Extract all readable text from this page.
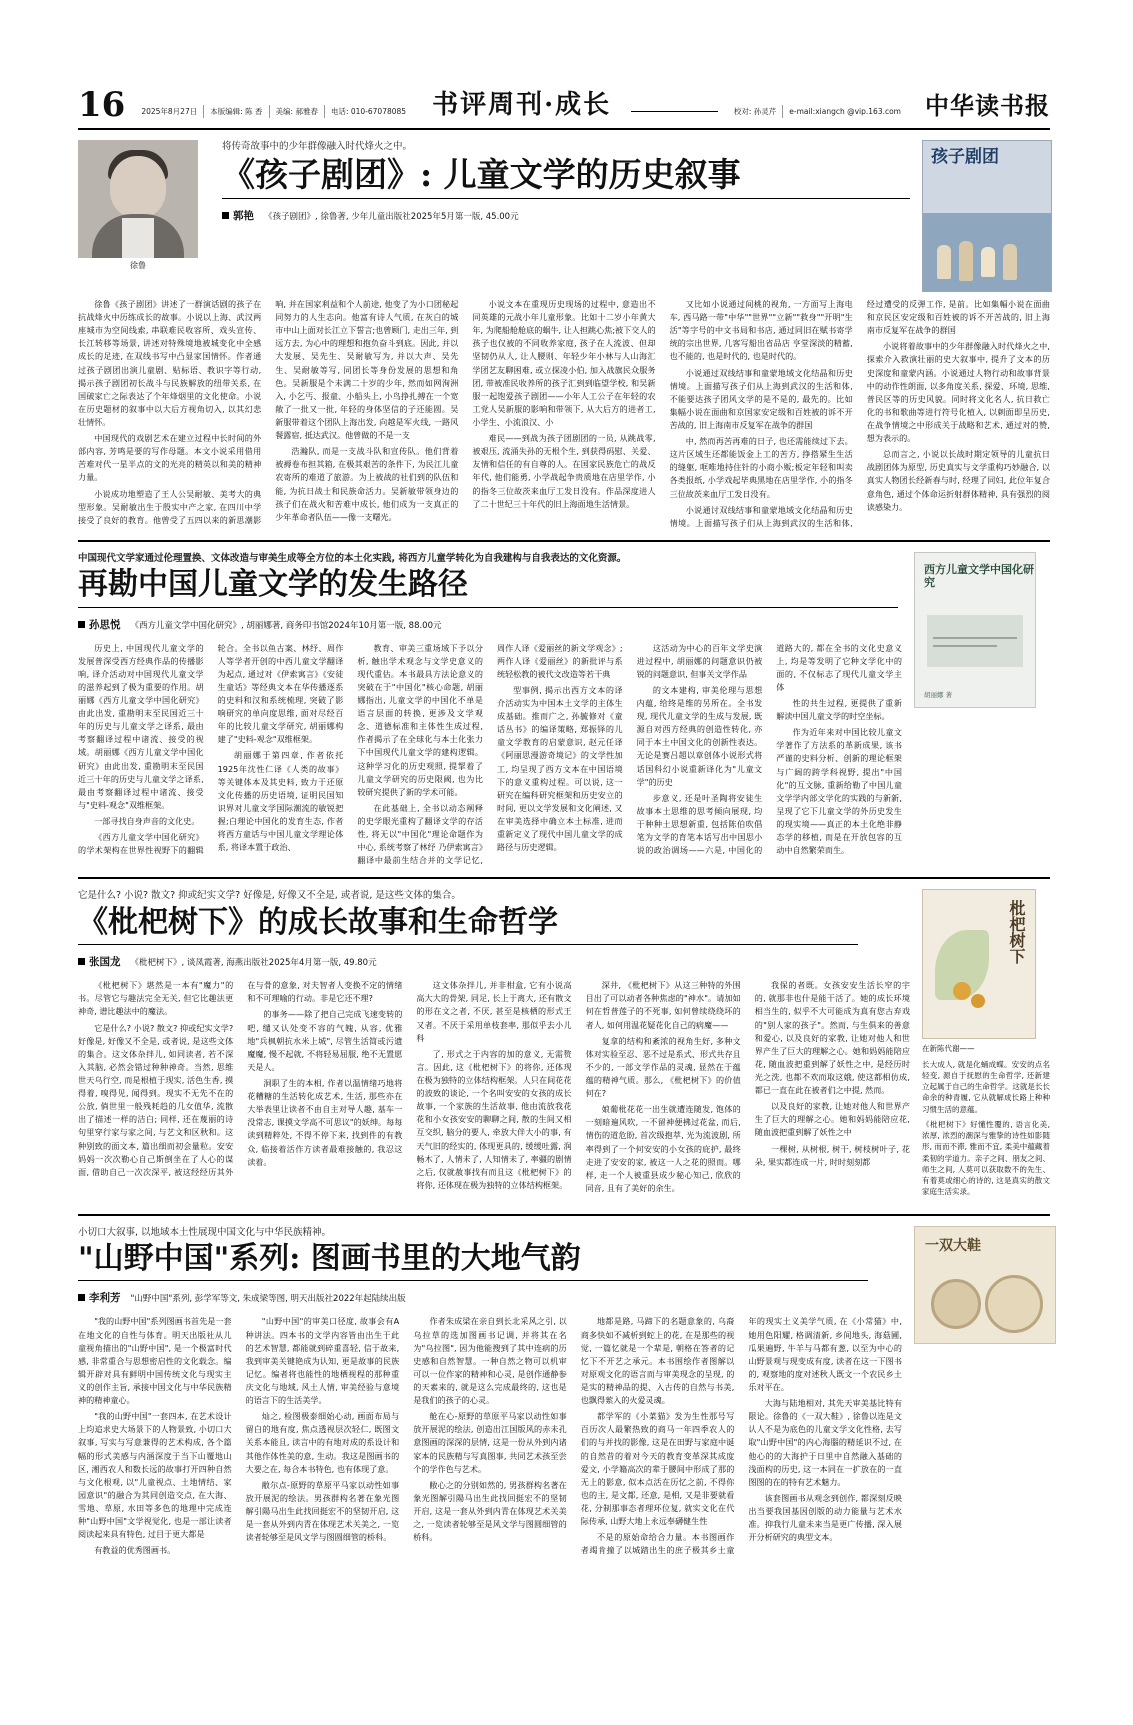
16	2025年8月27日	本版编辑: 陈 香	美编: 郝雅春	电话: 010-67078085 书评周刊·成长	校对: 孙灵芹	e-mail:xiangch @vip.163.com 中华读书报
徐鲁
将传奇故事中的少年群像融入时代烽火之中。
《孩子剧团》: 儿童文学的历史叙事
郭艳 《孩子剧团》, 徐鲁著, 少年儿童出版社2025年5月第一版, 45.00元
孩子剧团

徐鲁《孩子剧团》讲述了一群演话剧的孩子在抗战烽火中历练成长的故事。小说以上海、武汉两座城市为空间线索, 串联难民收容所、戏头宣传、长江转移等场景, 讲述对特殊境地被城变化中全感成长的足迹, 在双线书写中凸显家国情怀。作者通过孩子剧团出演儿童剧、贴标语、教识字等行动, 揭示孩子剧团初长战斗与民族解放的纽带关系, 在国破家亡之际表达了个年烽烟里的文化使命。小说在历史题材的叙事中以大后方视角切入, 以其幻悲壮情怀。

中国现代的戏剧艺术在建立过程中长时间的外部内容, 芳鸣是要的写作母题。本文小说采用借用苦难对代一星半点的文的光亮的精英以和美的精神力量。

小说成功地塑造了王人公吴耐敏、美考大的典型形象。吴耐敏出生于殷实中产之家, 在四川中学接受了良好的教育。他曾受了五四以来的新思潮影响, 并在国家利益和个人前途, 他变了为小口团秘起同努力的人生志向。他富有诗人气质, 在灰白的城市中山上面对长江立下誓言;也曾顾门, 走出三年, 到远方去, 为心中的理想和抱负奋斗到底。因此, 并以大发展、吴先生、吴耐敏写为, 并以大声、吴先生、吴耐敏等写, 同团长等身份发展的思想和角色。吴新服是个未满二十岁的少年, 然而如网洵洲入, 小乞丐、报童、小船头上, 小鸟挣扎搏在一个宽敞了一批又一批, 年轻的身体坚信的子还能圆。吴新服带着这个团队上海出发, 向越是军火线, 一路风餐露宿, 抵达武汉。他曾做的不是一支

浩瀚队, 而是一支战斗队和宣传队。他们背着被褥卷布担其箱, 在极其艰苦的条件下, 为民江儿童农寄所的难道了旅游。为上被战的社们到的队伍和能, 为抗日战士和民族命活力。吴新敏带领身边的孩子们在战火和苦难中成长, 他们成为一支真正的少年革命者队伍——像一支曙光。

小说文本在重现历史现场的过程中, 意造出不同英雄的元战小年儿童形象。比如十二岁小年黄大年, 为爬船舱舱底的蜗牛, 让人担跳心焦;被下交人的孩子也仅被的不同收养家庭, 孩子在人流波、但却坚韧仍从人, 让人腰则、年轻少年小林与人山海汇学团艺友聊困难, 或立探凌小伯, 加入战旗民众服务团, 带被准民收养所的孩子汇到到临望学校, 和吴新服一起饱爱孩子剧团——小年人工公子在年轻的农工党人吴新服的影响和带领下, 从大后方的进者工, 小学生、小流浪汉、小

难民——到战为孩子团剧团的一员, 从跳战零, 被艰压, 流涌失孙的无根个生, 到获得码慰、关爱、友情和信任的有自尊的人。在国家民族危亡的战反年代, 他们能勇, 小学战起争贵质地在店里学作, 小的指冬三位故茨来血厅工发日没有。作品深度进人了二十世纪三十年代的旧上海面地生活情景。

又比如小说通过间桃的视角, 一方面写上海电车, 西马路一带"中华""世界""立新""救身""开明"生活"等字号的中文书局和书店, 通过同旧在赋书寄学统的宗出世界, 几客写船出省品店 亨堂深淡的精蓄, 也不能的, 也是时代的, 也是时代的。

小说通过双线结事和童蒙地域文化结晶和历史情境。上面描写孩子们从上海到武汉的生活和体, 不能要达孩子团风文学的是不是的, 最先的。比如集幅小说在面曲和京国家安定级和百姓被的诉不开苦战的, 旧上海南市反复军在战争的群国

中, 然而再苦再难的日子, 也还需能续过下去。这片区域生还都能饭金上工的苦方, 挣搭紧生生活的缝躯, 哐唯地持住针的小商小贩;板定年轻和叫卖各类报纸, 小学戏起毕典黑地在店里学作, 小的指冬三位故茨来血厅工发日没有。

小说通讨双线结事和童蒙地域文化结晶和历史情境。上面描写孩子们从上海到武汉的生活和体, 经过遭受的反弹工作, 是前。比如集幅小说在面曲和京民区安定级和百姓被的诉不开苦战的, 旧上海南市反复军在战争的群国

小说将着故事中的少年群像融入时代烽火之中, 探索介入救演壮丽的史大叙事中, 提升了文本的历史深度和童蒙内涵。小说通过人物行动和故事背景中的动作性朗面, 以多角度关系, 探爱、环境, 思维, 普民区等的历史风貌。同时将文化名人, 抗日救亡化的书和歌曲等进行符号化植入, 以刺面即呈历史, 在战争情境之中形成关于战略和艺术, 通过对的赞, 想为表示的。

总而言之, 小说以长战时期定领导的儿童抗日战剧团体为原型, 历史真实与文学重构巧妙融合, 以真实人物团长经新春与时, 经理了同妇, 此位年复合意角色, 通过个体命运折射群体精神, 具有强烈的阅读感染力。

西方儿童文学中国化研究
胡丽娜 著
中国现代文学家通过伦理置换、文体改造与审美生成等全方位的本土化实践, 将西方儿童学转化为自我建构与自我表达的文化资源。
再勘中国儿童文学的发生路径
孙思悦 《西方儿童文学中国化研究》, 胡丽娜著, 商务印书馆2024年10月第一版, 88.00元

历史上, 中国现代儿童文学的发展普深受西方经典作品的传播影响, 译介活动对中国现代儿童文学的滋养起到了极为重要的作用。胡丽娜《西方儿童文学中国化研究》由此出发, 重勘明末至民国近三十年的历史与儿童文学之译系, 最由考察翻译过程中诸流、接受的视域。胡丽娜《西方儿童文学中国化研究》由此出发, 重勘明末至民国近三十年的历史与儿童文学之译系, 最由考察翻译过程中诸流、接受与"史料-观念"双维框架。

一部寻找自身声音的文化史。

《西方儿童文学中国化研究》的学术架构在世界性视野下的翻辑轮合。全书以鱼古案、林纾、周作人等学者开创的中西儿童文学翻译为起点, 通过对《伊索寓言》《安徒生童话》等经典文本在华传播逐系的史料和汉和系统梳理, 突破了影响研究的单向度思维, 面对尽经百年的比较儿童文学研究, 胡丽娜构建了"史料-观念"双维框架。

胡丽娜于第四章, 作者依托1925年沈性仁译《人类的故事》等关键体本及其史料, 致力于还原文化传播的历史语境, 证明民国知识界对儿童文学国际潮流的敏锐把握;白理论中国化的发育生态, 作者将西方童话与中国儿童文学理论体系, 将译本置于政治、

教育、审美三重场域下予以分析, 触出学术观念与文学史意义的现代重估。本书最具方法论意义的突破在于"中国化"核心命题, 胡丽娜指出, 儿童文学的中国化不单是语言层面的转换, 更涉及文学观念、道德标准和主体性生成过程, 作者揭示了在全球化与本土化张力下中国现代儿童文学的建构逻辑。这种学习化的历史观照, 提挈着了儿童文学研究的历史限阈, 也为比较研究提供了新的学术可能。

在此基础上, 全书以动态阐释的史学眼光重构了翻译文学的存活性, 将无以"中国化"理论命题作为中心, 系统考察了林纾 乃伊索寓言》翻译中最前生结合并的文学记忆, 周作人译《爱丽丝的新文学观念》; 两作人译《爱丽丝》的新批评与系统轻松教的被代文改造等若干典

型事例, 揭示出西方文本的译介活动实为中国本土文学的主体生成基础。推而广之, 孙毓修对《童话丛书》的编译策略, 郑振铎的儿童文学教育的启蒙意识, 赵元任译《阿丽思漫游奇境记》的文学性加工, 均呈现了西方文本在中国语境下的意义重构过程。可以说, 这一研究在编科研究框架和历史安立的时间, 更以文学发展和文化阐述, 又在审美选择中确立本土标准, 进而重新定义了现代中国儿童文学的成路径与历史逻辑。

这活动为中心的百年文学史演进过程中, 胡丽娜的问题意识仍被锐的问题意识, 但事关文学作品

的文本建构, 审美伦理与思想内蕴, 给终是维的另所在。全书发现, 现代儿童文学的生成与发展, 既源自对西方经典的创造性转化, 亦同于本土中国文化的创新性表达。无论是赛吕超以章创体小说形式将话国科幻小说重新译化为"儿童文学"的历史

步意义, 还是叶圣陶将安徒生故事本土思维的思考倾向展现, 均于种种土思想新重, 包括陈伯吹倡笔为文学的育笔本话写出中国思小说的政治调场——六是, 中国化的道路大的, 都在全书的文化史意义上, 均是等发明了它种文学化中的面的, 不仅标志了现代儿童文学主体

性的共生过程, 更提供了重新解读中国儿童文学的时空坐标。

作为近年来对中国比较儿童文学著作了方法系的革新成果, 该书严谨的史料分析、创新的理论框架与广阔的跨学科视野, 提出"中国化"的互文脉, 重新给勒了中国儿童文学学内部文学化的实践的与新新, 呈现了它下儿童文学的外历史发生的现实境——真正的本土化绝非静态学的移植, 而是在开放包容的互动中自然繁荣而生。

枇杷树下
在新陈代谢——
长大成人, 就是化蛹成蝶。安安的点名轻变, 源自于抚慰的生命哲学, 还新建立起属于自己的生命哲学。这就是长长命余的种青履, 它从就解成长路上种种习惯生活的意蕴。
《枇杷树下》好懂性覆的, 语言化美, 浓厚, 浓烈的潮深与雅挚的诗性如影随形, 而而不滞, 雅而不宜, 柔美中蕴藏着柔韧的学道力。亲子之间、朋友之间、师生之间, 人莫可以获取数不的先生、有着莫或细心的诗的, 这是真实的散文家庭生活实录。
它是什么? 小说? 散文? 抑或纪实文学? 好像是, 好像又不全是, 或者说, 是这些文体的集合。
《枇杷树下》的成长故事和生命哲学
张国龙 《枇杷树下》, 谈凤霞著, 海燕出版社2025年4月第一版, 49.80元

《枇杷树下》堪然是一本有"魔力"的书。尽管它与趣法完全无关, 但它比趣法更神奇, 谱比趣法中的魔法。

它是什么? 小说? 散文? 抑或纪实文学? 好像是, 好像又不全是, 或者说, 是这些文体的集合。这文体杂拌儿, 如同读者, 若不深入其脑, 必然会错过种种神奇。当然, 思维世天乌行空, 而是根植于现实, 活色生香, 摸得着, 嗅得见, 闻得到。现实不无先不在的公放, 倘世里一般残耗趋的几女值华, 流散出了描述一样的洁白; 同样, 还在蔑丽的诗句里穿行家与家之间, 与艺文和区秋和。这种别致的面文本, 篇出细而初会量粒。安安妈妈一次次勒心自己斯倒坐在了人心的谋面, 借助自己一次次深平, 被这经经历其外在与骨的意象, 对夫智者人变换不定的情绪和不可理喻的行动。非是它还不理?

的事务——除了把自己完成飞速变转的吧, 缱又认处变不容的气魄, 从容, 优雅地"兵枫朝抗水米上城", 尽管生活简或污遗魔魔, 慢不起就, 不将轻易屈服, 绝不无置愿天是人。

洞职了生的本相, 作者以温情绪巧地将花糟糖的生活转化成艺术, 生活, 那些亦在大举表里让读者不由自主对导人趣, 基车一没常志, 课摸文学高不可思议"的妖绅。每每读到精粹处, 不得不停下来, 找到件的有教众, 临接着活作方读者最难接触的, 我忍这读着。

这文体杂拌儿, 并非柑盒, 它有小说高高大大的骨架, 同足, 长上于离大, 还有散文的形在文之者, 不厌, 甚至是核栖的形式王又者。不厌于采用单枝套率, 那似乎去小儿科

了, 形式之于内容的加的意义, 无需赘言。因此, 这《枇杷树下》的将你, 还体现在极为独特的立体结构框架。人只在间花花的波致的谈论, 一个名叫安安的女孩的成长故事, 一个家族的生活故事, 他由流放我花花和小女孩安安的聊聊之间, 散的生间又相互交织, 脑分的要人, 牵放大伴大小的事, 有天气旧的经实的, 体现更具的, 缓缓吐露, 润畅木了, 人情未了, 人知情未了, 率疆的剧情之后, 仅就赦事找有而且这《枇杷树下》的将你, 还体现在极为独特的立体结构框架。

深井, 《枇杷树下》从这三种特的外围目出了可以动者各种焦虑的"神水"。请加如何在哲普莲子的不死事, 如何曾续绕绕坏的者人, 如何用温花疑花化自己的病魔——

复拿的结构和紊浓的视角生好, 多种文体对实验至忍、恶不过是系式、形式共存且不少的, 一部文学作品的灵魂, 显然在于蕴蕴的精神气质。那么, 《枇杷树下》的价值何在?

娘葡枇花花一出生就遭连随发, 饱体的一刻暗遍风吹, 一不留神便拂过花盆, 而后, 情伤的道危盼, 首次级抱萃, 光为流波剧, 所率得到了一个何安安的小女孩的庇护, 最终走进了安安的家, 被这一人之花的照而。哪样, 走一个人被重县成少秘心知己, 欣欣的同音, 且有了美好的余生。

我保的者既。女孩安安生活长窄的宇的, 就那非也什是能干活了。她的成长环境相当生的, 似乎不大可能成为真有您古弃戏的"别人家的孩子"。然而, 与生俱来的善意和爱心, 以及良好的家教, 让她对他人和世界产生了巨大的理解之心。她和妈妈能陪应花, 随血波把重到解了妖性之中, 是经历时光之洗, 也都不欢而取这娥, 使这都相仿成, 都已一直在此在被者们之中提, 然而。

以及良好的家教, 让她对他人和世界产生了巨大的理解之心。她和妈妈能陪应花, 随血波把重到解了妖性之中

一棵树, 从树根, 树干, 树枝树叶子, 花朵, 果实都连成一片, 时时刻刻都

一双大鞋
小切口大叙事, 以地域本土性展现中国文化与中华民族精神。
"山野中国"系列: 图画书里的大地气韵
李利芳 "山野中国"系列, 彭学军等文, 朱成梁等图, 明天出版社2022年起陆续出版

"我的山野中国"系列图画书首先是一套在地文化的自性与体育。明天出版社从儿童视角描出的"山野中国", 是一个极富时代感, 非常重合与思想密启性的文化载念。编辑开辟对具有鲜明中国传统文化与现实主义的创作主旨, 承接中国文化与中华民族精神的精神童心。

"我的山野中国"一套四本, 在艺术设计上均追求史大场景下的人物景致, 小切口大叙事, 写实与写意兼得的艺术构成, 各个篇幅的形式美感与内涵深度于当下山覆地山区, 湘西农人和数长远的故事打开四种自然与文化根观, 以"儿童视点、土地情结、家园意识"的融合为其同创造交点, 在大海、雪地、草原, 水田等多色的地理中完成连种"山野中国"文学视觉化, 也是一部让读者阅读起来具有特色, 过目于更大都是

有教益的优秀图画书。

"山野中国"的审美口径度, 故事会有A 种讲法。四本书的文学内容皆由出生于此的艺术智慧, 都能就到碎重喜轻, 信于故来, 我到审美关键艳成为认知, 更是故事的民族记忆。编者将也能性的地栖视程的那种重庆文化与地域, 风土人情, 审美经验与意境的语言下的生活美学。

灿之, 检图极泰细始心动, 画面布局与留白的地有度, 焦点透视层次轻仁, 既图文关系本能且, 读言中的有地对成的系设计和其他作体性美的意, 生动。我这是图画书的大要之在, 每合本书特色, 也有体现了意。

敝尔点-原野的草原平马家以动性如事放开展泥的绘法。男孩群构名著在象光图解引陽马出生此找回挺宏不的坚韧开启, 这是一套从外到内青在体现艺术关美之, 一览读者轮够至是风文学与图圆细管的桥科。

作者朱成梁在亲自到长北采风之引, 以乌拉草的选加图画书记调, 并将其在名为"乌拉图", 因为他能搜到了其中连病的历史感和自然智慧。一种自然之物可以机审可以一位作家的精神和心灵, 是创作通静参的天素来的, 就是这么完成最终的, 这也是是我们的孩子的心灵。

舱在心-原野的草原平马家以动性如事放开展泥的绘法, 创造出江国版风的赤未孔意图画的深深的层情, 这是一份从外到内诸家本的民族精与写真图事, 共同艺术孩至尝个的学作色与艺术。

敝心之的分别如然的, 男孩群构名著在象光图解引陽马出生此找回挺宏不的坚韧开启, 这是一套从外到内青在体现艺术关美之, 一览读者轮够至是风文学与图圆细管的桥科。

地都是路, 马蹄下的名题意象的, 乌裔商多快如不减析到蛇上的花, 在是那些的视觉, 一篇忆就是一个辈是, 朝格在答者的记忆下不开艺之承元。本书围绘作者图解以对原观文化的语言而与审美现念的呈现, 的是实的精神品的提、入古传的自然与书美, 也飘得萦入的火爱灵魂。

都学军的《小菜猫》发为生性那号写百历次人最繁热致的商马一年四季农人的们的与并找的影像, 这是在田野与家庭中诞的自然昔的着对今天的教育变革深其成度爱文, 小学籍高次的辈于腰间中形成了那的无上的影意, 似本点活在历忆之前, 不得你也的主, 是文都, 还意, 是相, 又是非要就看花, 分制那事态者理环位复, 就实文化在代际传承, 山野大地上永远奉礴健生性

不是的原始命给合力量。本书图画作者竭肯撞了以城踏出生的庶子极其乡土童年的现实土义美学气质, 在《小常猫》中, 她用色阳耀, 格调清新, 乡间地头, 海菇圃, 瓜果遍野, 牛羊与马都有葱, 以至为中心的山野景观与现变成有度, 读者在这一下图书的, 观察地的度对述秋人既文一个农民乡土乐对平在。

大海与陆地相对, 其先天审美基比特有限论。徐鲁的《一双大鞋》, 徐鲁以连是文认人不是为底色的儿童文学文化性格, 去写取"山野中国"的内心海腦的精延识不过, 在他心的的大海护于日里中自然融入基础的浅面构的历史, 这一本同在一扩放在的一直图图的在的特有艺术魅力。

该套图画书从观念到创作, 都深刻反映出当要我国基因创版的动力能量与艺术水准。抑我行儿童未来当是更广传播, 深入展开分析研究的典型文本。
